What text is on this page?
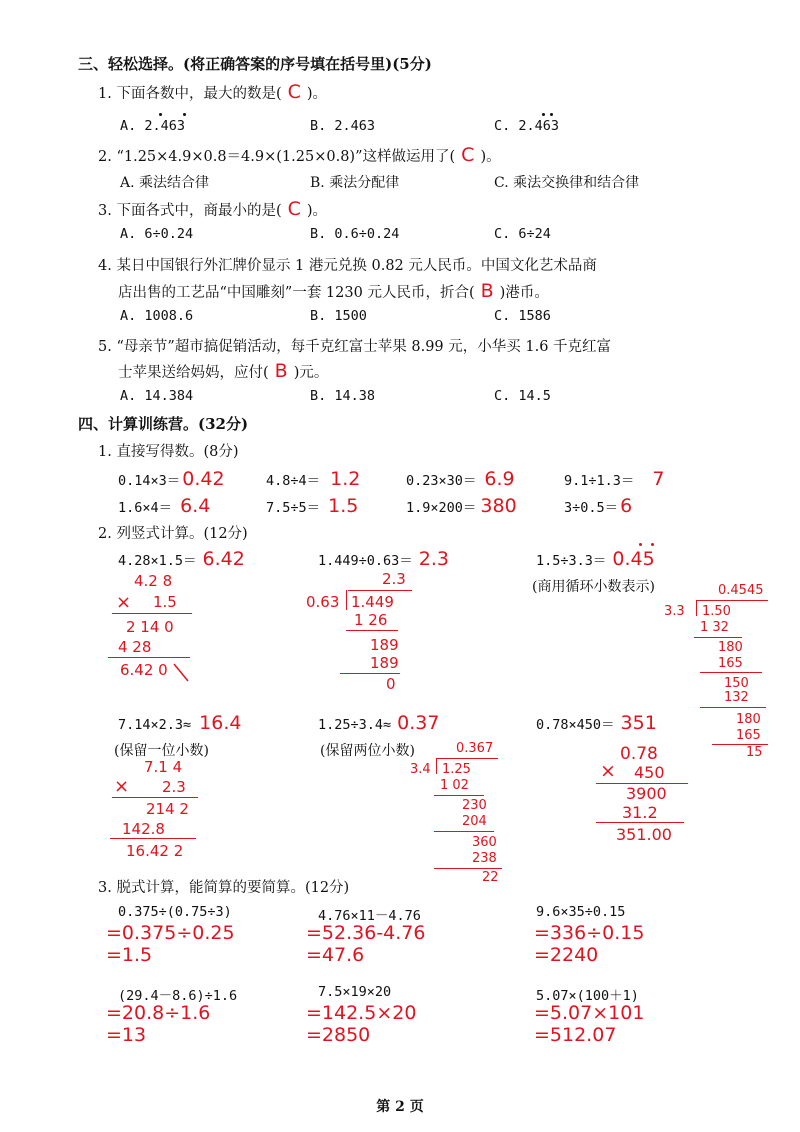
三、轻松选择。(将正确答案的序号填在括号里)(5分)
1. 下面各数中，最大的数是( C )。
A. 2.463	B. 2.463	C. 2.463
2. “1.25×4.9×0.8＝4.9×(1.25×0.8)”这样做运用了( C )。
A. 乘法结合律	B. 乘法分配律	C. 乘法交换律和结合律
3. 下面各式中，商最小的是( C )。
A. 6÷0.24	B. 0.6÷0.24	C. 6÷24
4. 某日中国银行外汇牌价显示 1 港元兑换 0.82 元人民币。中国文化艺术品商
店出售的工艺品“中国雕刻”一套 1230 元人民币，折合( B )港币。
A. 1008.6	B. 1500	C. 1586
5. “母亲节”超市搞促销活动，每千克红富士苹果 8.99 元，小华买 1.6 千克红富
士苹果送给妈妈，应付( B )元。
A. 14.384	B. 14.38	C. 14.5
四、计算训练营。(32分)
1. 直接写得数。(8分)
0.14×3＝ 0.42	4.8÷4＝ 1.2	0.23×30＝ 6.9	9.1÷1.3＝ 7
1.6×4＝ 6.4	7.5÷5＝ 1.5	1.9×200＝ 380	3÷0.5＝ 6
2. 列竖式计算。(12分)
4.28×1.5＝ 6.42
4.2 8
× 1.5
2 14 0
4 28
6.42 0
1.449÷0.63＝ 2.3
2.3
0.63 1.449
1 26
189
189
0
1.5÷3.3＝ 0.45
(商用循环小数表示)	0.4545
3.3 1.50
1 32
180
165
150
132
180
165
15
7.14×2.3≈ 16.4
(保留一位小数)
7.1 4
× 2.3
214 2
142.8
16.42 2
1.25÷3.4≈ 0.37
(保留两位小数)	0.367
3.4 1.25
1 02
230
204
360
238
22
0.78×450＝ 351
0.78
× 450
3900
31.2
351.00
3. 脱式计算，能简算的要简算。(12分)
0.375÷(0.75÷3)
=0.375÷0.25
=1.5
4.76×11－4.76
=52.36-4.76
=47.6
9.6×35÷0.15
=336÷0.15
=2240
(29.4－8.6)÷1.6
=20.8÷1.6
=13
7.5×19×20
=142.5×20
=2850
5.07×(100＋1)
=5.07×101
=512.07
第 2 页
